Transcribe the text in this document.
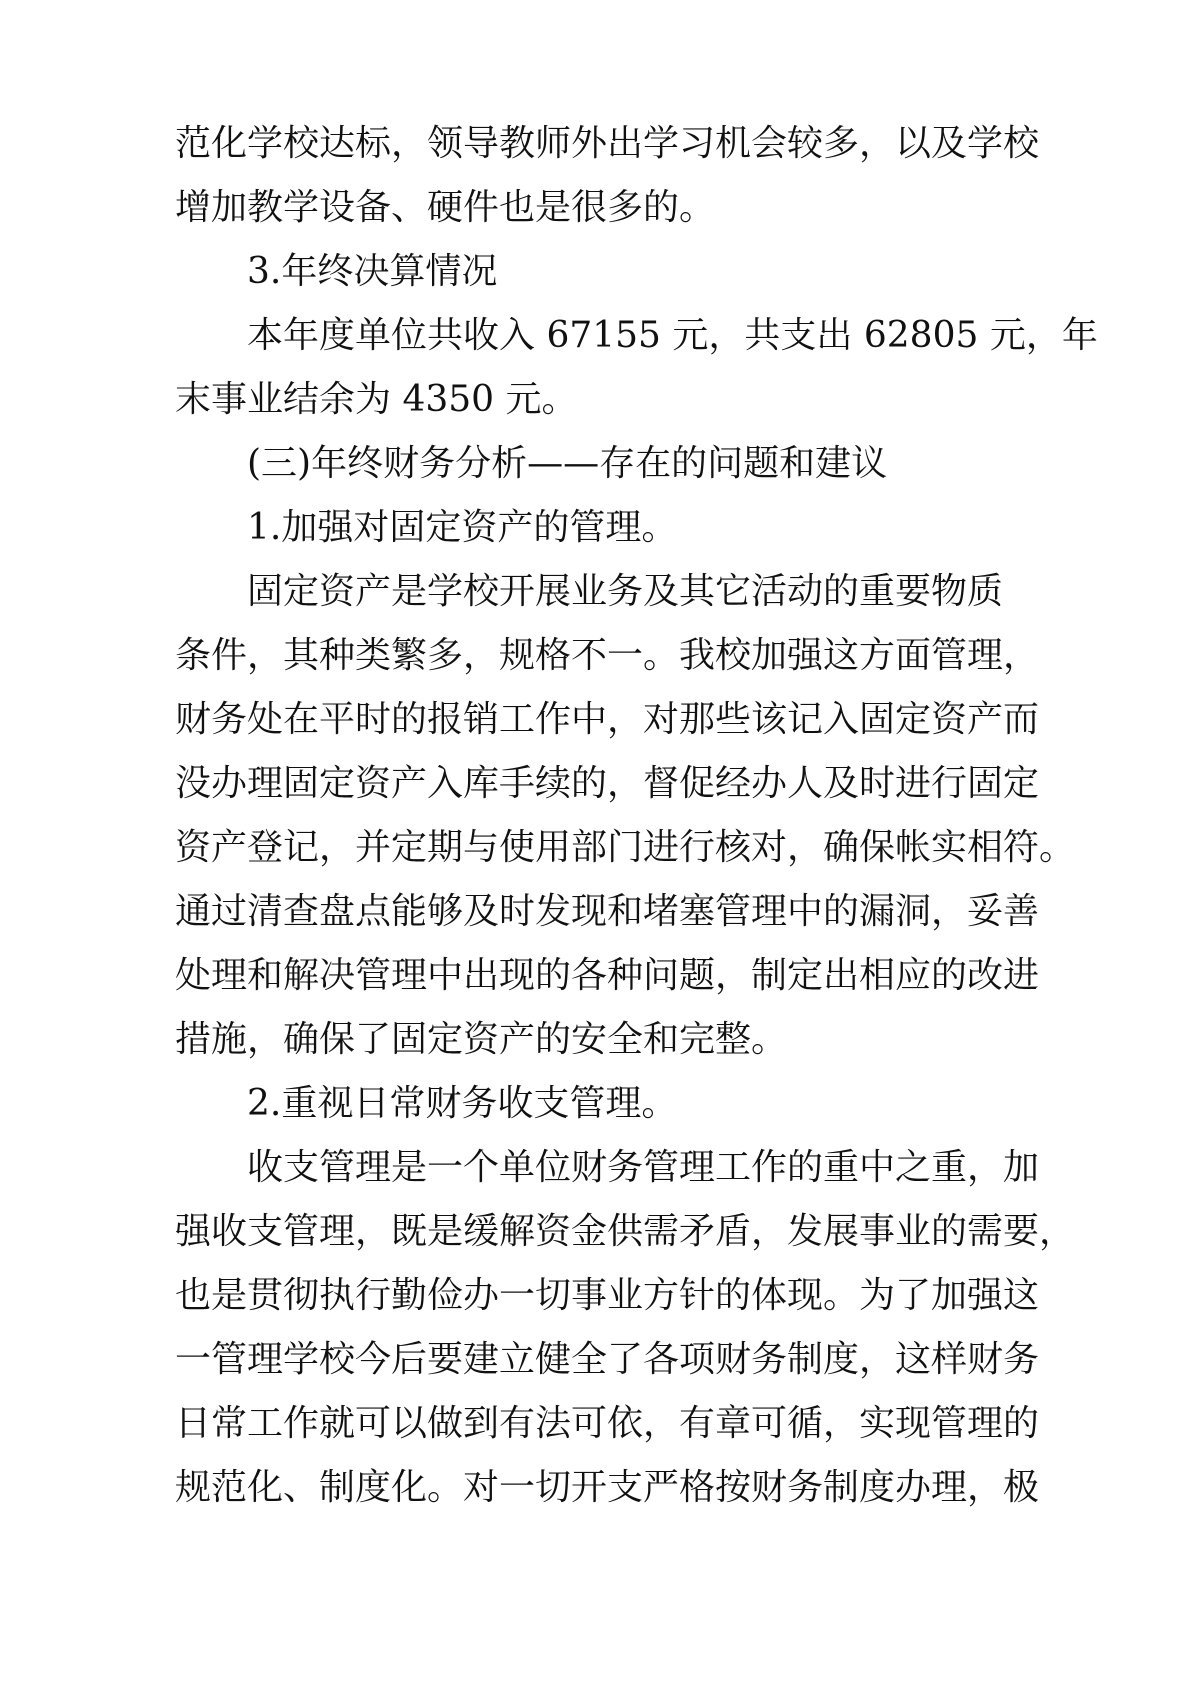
范化学校达标，领导教师外出学习机会较多，以及学校
增加教学设备、硬件也是很多的。

3.年终决算情况

本年度单位共收入 67155 元，共支出 62805 元，年
末事业结余为 4350 元。

(三)年终财务分析——存在的问题和建议

1.加强对固定资产的管理。

固定资产是学校开展业务及其它活动的重要物质
条件，其种类繁多，规格不一。我校加强这方面管理，
财务处在平时的报销工作中，对那些该记入固定资产而
没办理固定资产入库手续的，督促经办人及时进行固定
资产登记，并定期与使用部门进行核对，确保帐实相符。
通过清查盘点能够及时发现和堵塞管理中的漏洞，妥善
处理和解决管理中出现的各种问题，制定出相应的改进
措施，确保了固定资产的安全和完整。

2.重视日常财务收支管理。

收支管理是一个单位财务管理工作的重中之重，加
强收支管理，既是缓解资金供需矛盾，发展事业的需要，
也是贯彻执行勤俭办一切事业方针的体现。为了加强这
一管理学校今后要建立健全了各项财务制度，这样财务
日常工作就可以做到有法可依，有章可循，实现管理的
规范化、制度化。对一切开支严格按财务制度办理，极
